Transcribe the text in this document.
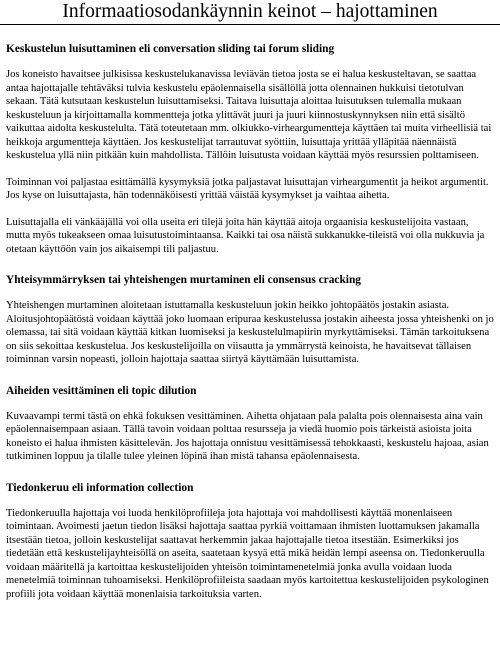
Informaatiosodankäynnin keinot – hajottaminen
Keskustelun luisuttaminen eli conversation sliding tai forum sliding

Jos koneisto havaitsee julkisissa keskustelukanavissa leviävän tietoa josta se ei halua keskusteltavan, se saattaa antaa hajottajalle tehtäväksi tulvia keskustelu epäolennaisella sisällöllä jotta olennainen hukkuisi tietotulvan sekaan. Tätä kutsutaan keskustelun luisuttamiseksi. Taitava luisuttaja aloittaa luisutuksen tulemalla mukaan keskusteluun ja kirjoittamalla kommentteja jotka ylittävät juuri ja juuri kiinnostuskynnyksen niin että sisältö vaikuttaa aidolta keskustelulta. Tätä toteutetaan mm. olkiukko-virheargumentteja käyttäen tai muita virheellisiä tai heikkoja argumentteja käyttäen. Jos keskustelijat tarrautuvat syöttiin, luisuttaja yrittää ylläpitää näennäistä keskustelua yllä niin pitkään kuin mahdollista. Tällöin luisutusta voidaan käyttää myös resurssien polttamiseen.

Toiminnan voi paljastaa esittämällä kysymyksiä jotka paljastavat luisuttajan virheargumentit ja heikot argumentit. Jos kyse on luisuttajasta, hän todennäköisesti yrittää väistää kysymykset ja vaihtaa aihetta.

Luisuttajalla eli vänkääjällä voi olla useita eri tilejä joita hän käyttää aitoja orgaanisia keskustelijoita vastaan, mutta myös tukeakseen omaa luisutustoimintaansa. Kaikki tai osa näistä sukkanukke-tileistä voi olla nukkuvia ja otetaan käyttöön vain jos aikaisempi tili paljastuu.

Yhteisymmärryksen tai yhteishengen murtaminen eli consensus cracking

Yhteishengen murtaminen aloitetaan istuttamalla keskusteluun jokin heikko johtopäätös jostakin asiasta. Aloitusjohtopäätöstä voidaan käyttää joko luomaan eripuraa keskustelussa jostakin aiheesta jossa yhteishenki on jo olemassa, tai sitä voidaan käyttää kitkan luomiseksi ja keskustelulmapiirin myrkyttämiseksi. Tämän tarkoituksena on siis sekoittaa keskustelua. Jos keskustelijoilla on viisautta ja ymmärrystä keinoista, he havaitsevat tällaisen toiminnan varsin nopeasti, jolloin hajottaja saattaa siirtyä käyttämään luisuttamista.

Aiheiden vesittäminen eli topic dilution

Kuvaavampi termi tästä on ehkä fokuksen vesittäminen. Aihetta ohjataan pala palalta pois olennaisesta aina vain epäolennaisempaan asiaan. Tällä tavoin voidaan polttaa resursseja ja viedä huomio pois tärkeistä asioista joita koneisto ei halua ihmisten käsittelevän. Jos hajottaja onnistuu vesittämisessä tehokkaasti, keskustelu hajoaa, asian tutkiminen loppuu ja tilalle tulee yleinen löpinä ihan mistä tahansa epäolennaisesta.

Tiedonkeruu eli information collection

Tiedonkeruulla hajottaja voi luoda henkilöprofiileja jota hajottaja voi mahdollisesti käyttää monenlaiseen toimintaan. Avoimesti jaetun tiedon lisäksi hajottaja saattaa pyrkiä voittamaan ihmisten luottamuksen jakamalla itsestään tietoa, jolloin keskustelijat saattavat herkemmin jakaa hajottajalle tietoa itsestään. Esimerkiksi jos tiedetään että keskustelijayhteisöllä on aseita, saatetaan kysyä että mikä heidän lempi aseensa on. Tiedonkeruulla voidaan määritellä ja kartoittaa keskustelijoiden yhteisön toimintamenetelmiä jonka avulla voidaan luoda menetelmiä toiminnan tuhoamiseksi. Henkilöprofiileista saadaan myös kartoitettua keskustelijoiden psykologinen profiili jota voidaan käyttää monenlaisia tarkoituksia varten.
